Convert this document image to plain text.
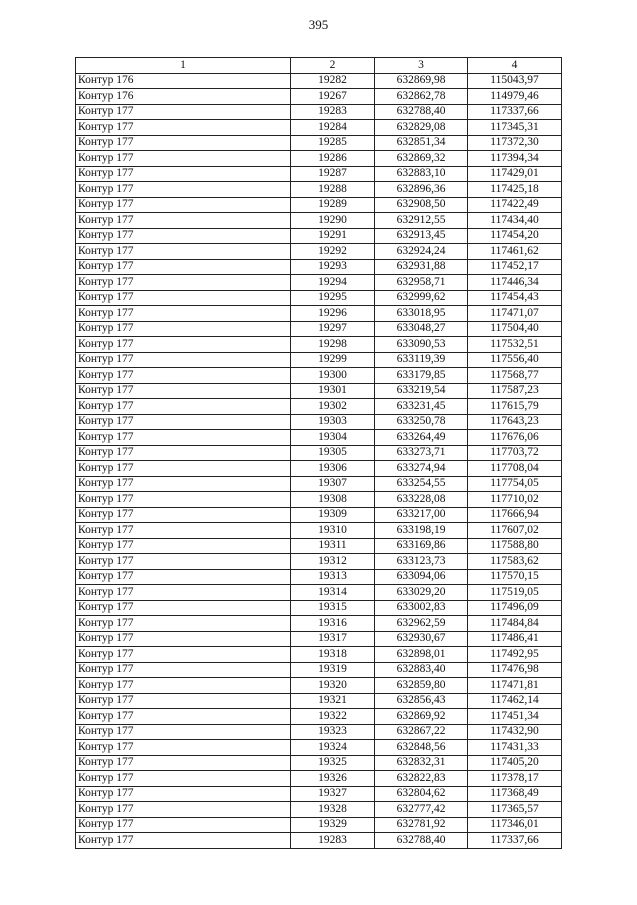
395
1	2	3	4
Контур 176	19282	632869,98	115043,97
Контур 176	19267	632862,78	114979,46
Контур 177	19283	632788,40	117337,66
Контур 177	19284	632829,08	117345,31
Контур 177	19285	632851,34	117372,30
Контур 177	19286	632869,32	117394,34
Контур 177	19287	632883,10	117429,01
Контур 177	19288	632896,36	117425,18
Контур 177	19289	632908,50	117422,49
Контур 177	19290	632912,55	117434,40
Контур 177	19291	632913,45	117454,20
Контур 177	19292	632924,24	117461,62
Контур 177	19293	632931,88	117452,17
Контур 177	19294	632958,71	117446,34
Контур 177	19295	632999,62	117454,43
Контур 177	19296	633018,95	117471,07
Контур 177	19297	633048,27	117504,40
Контур 177	19298	633090,53	117532,51
Контур 177	19299	633119,39	117556,40
Контур 177	19300	633179,85	117568,77
Контур 177	19301	633219,54	117587,23
Контур 177	19302	633231,45	117615,79
Контур 177	19303	633250,78	117643,23
Контур 177	19304	633264,49	117676,06
Контур 177	19305	633273,71	117703,72
Контур 177	19306	633274,94	117708,04
Контур 177	19307	633254,55	117754,05
Контур 177	19308	633228,08	117710,02
Контур 177	19309	633217,00	117666,94
Контур 177	19310	633198,19	117607,02
Контур 177	19311	633169,86	117588,80
Контур 177	19312	633123,73	117583,62
Контур 177	19313	633094,06	117570,15
Контур 177	19314	633029,20	117519,05
Контур 177	19315	633002,83	117496,09
Контур 177	19316	632962,59	117484,84
Контур 177	19317	632930,67	117486,41
Контур 177	19318	632898,01	117492,95
Контур 177	19319	632883,40	117476,98
Контур 177	19320	632859,80	117471,81
Контур 177	19321	632856,43	117462,14
Контур 177	19322	632869,92	117451,34
Контур 177	19323	632867,22	117432,90
Контур 177	19324	632848,56	117431,33
Контур 177	19325	632832,31	117405,20
Контур 177	19326	632822,83	117378,17
Контур 177	19327	632804,62	117368,49
Контур 177	19328	632777,42	117365,57
Контур 177	19329	632781,92	117346,01
Контур 177	19283	632788,40	117337,66
